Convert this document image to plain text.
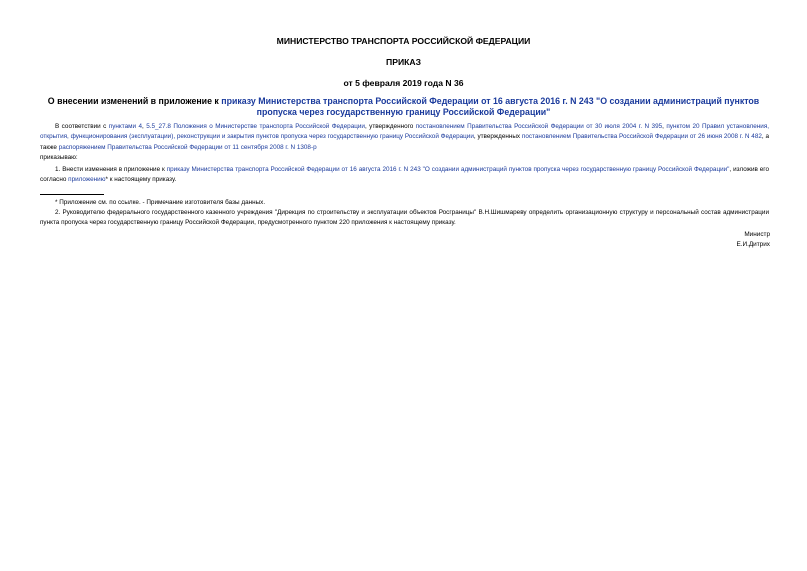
МИНИСТЕРСТВО ТРАНСПОРТА РОССИЙСКОЙ ФЕДЕРАЦИИ
ПРИКАЗ
от 5 февраля 2019 года N 36
О внесении изменений в приложение к приказу Министерства транспорта Российской Федерации от 16 августа 2016 г. N 243 "О создании администраций пунктов пропуска через государственную границу Российской Федерации"
В соответствии с пунктами 4, 5.5_27.8 Положения о Министерстве транспорта Российской Федерации, утвержденного постановлением Правительства Российской Федерации от 30 июля 2004 г. N 395, пунктом 20 Правил установления, открытия, функционирования (эксплуатации), реконструкции и закрытия пунктов пропуска через государственную границу Российской Федерации, утвержденных постановлением Правительства Российской Федерации от 26 июня 2008 г. N 482, а также распоряжением Правительства Российской Федерации от 11 сентября 2008 г. N 1308-р
приказываю:
1. Внести изменения в приложение к приказу Министерства транспорта Российской Федерации от 16 августа 2016 г. N 243 "О создании администраций пунктов пропуска через государственную границу Российской Федерации", изложив его согласно приложению* к настоящему приказу.
* Приложение см. по ссылке. - Примечание изготовителя базы данных.
2. Руководителю федерального государственного казенного учреждения "Дирекция по строительству и эксплуатации объектов Росграницы" В.Н.Шишмареву определить организационную структуру и персональный состав администрации пункта пропуска через государственную границу Российской Федерации, предусмотренного пунктом 220 приложения к настоящему приказу.
Министр
Е.И.Дитрих
